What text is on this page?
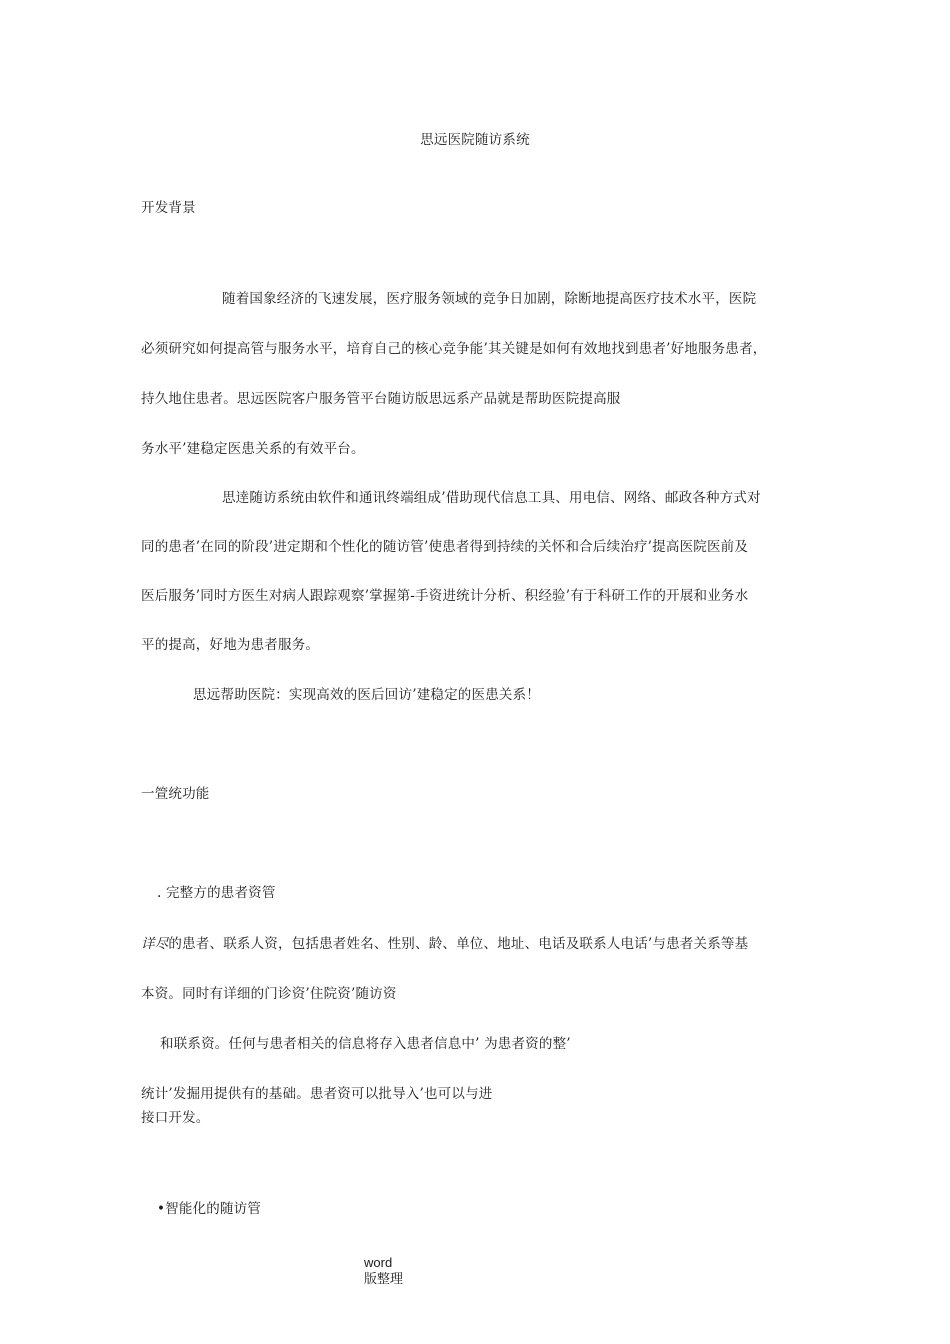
思远医院随访系统
开发背景
随着国象经济的飞速发展，医疗服务领域的竞争日加剧，除断地提高医疗技术水平，医院
必须研究如何提高管与服务水平，培育自己的核心竞争能’其关键是如何有效地找到患者’好地服务患者，
持久地住患者。思远医院客户服务管平台随访版思远系产品就是帮助医院提高服
务水平’建稳定医患关系的有效平台。
思逹随访系统由软件和通讯终端组成’借助现代信息工具、用电信、网络、邮政各种方式对
同的患者’在同的阶段’进定期和个性化的随访管’使患者得到持续的关怀和合后续治疗’提高医院医前及
医后服务’同时方医生对病人跟踪观察’掌握第-手资进统计分析、积经验’有于科研工作的开展和业务水
平的提高，好地为患者服务。
思远帮助医院：实现高效的医后回访’建稳定的医患关系！
一箮统功能
. 完整方的患者资管
详尽的患者、联系人资，包括患者姓名、性别、龄、单位、地址、电话及联系人电话’与患者关系等基
本资。同时有详细的门诊资’住院资’随访资
和联系资。任何与患者相关的信息将存入患者信息中’ 为患者资的整’
统计’发掘用提供有的基础。患者资可以批导入’也可以与进
接口开发。
•智能化的随访管
word
版整理
